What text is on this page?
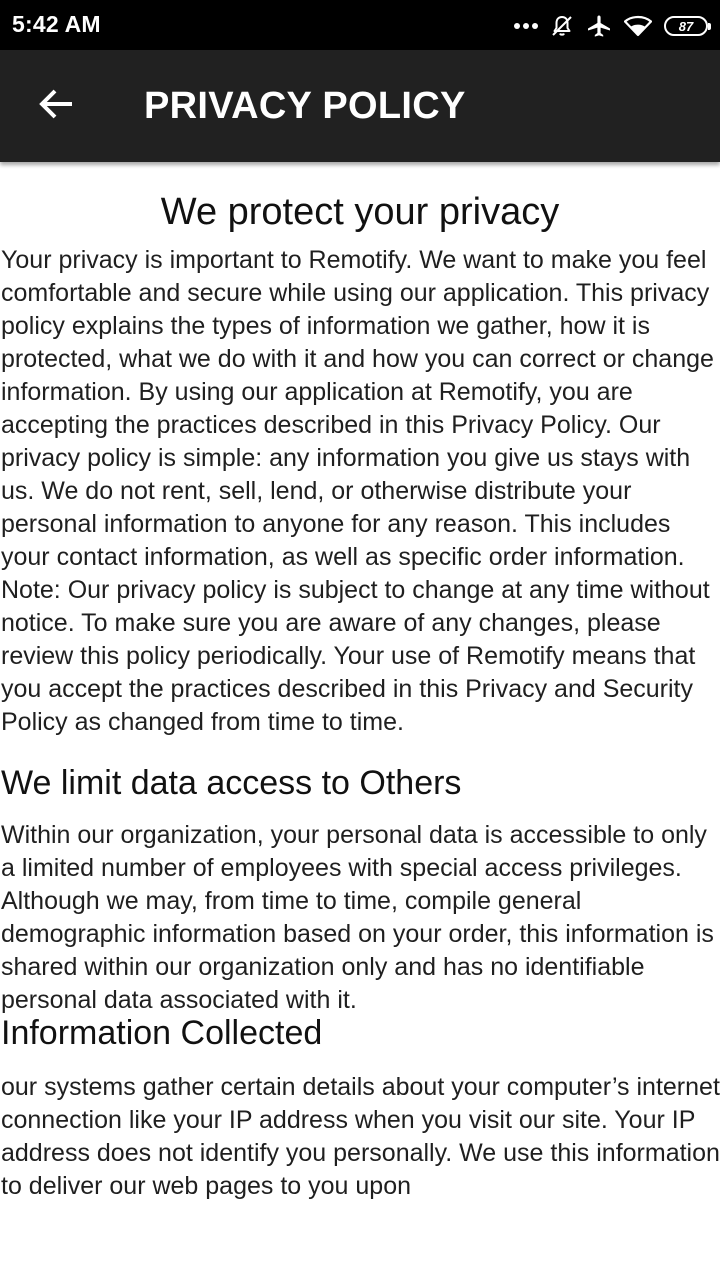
5:42 AM	87
PRIVACY POLICY
We protect your privacy

Your privacy is important to Remotify. We want to make you feel comfortable and secure while using our application. This privacy policy explains the types of information we gather, how it is protected, what we do with it and how you can correct or change information. By using our application at Remotify, you are accepting the practices described in this Privacy Policy. Our privacy policy is simple: any information you give us stays with us. We do not rent, sell, lend, or otherwise distribute your personal information to anyone for any reason. This includes your contact information, as well as specific order information. Note: Our privacy policy is subject to change at any time without notice. To make sure you are aware of any changes, please review this policy periodically. Your use of Remotify means that you accept the practices described in this Privacy and Security Policy as changed from time to time.

We limit data access to Others

Within our organization, your personal data is accessible to only a limited number of employees with special access privileges. Although we may, from time to time, compile general demographic information based on your order, this information is shared within our organization only and has no identifiable personal data associated with it.

Information Collected

our systems gather certain details about your computer’s internet connection like your IP address when you visit our site. Your IP address does not identify you personally. We use this information to deliver our web pages to you upon
